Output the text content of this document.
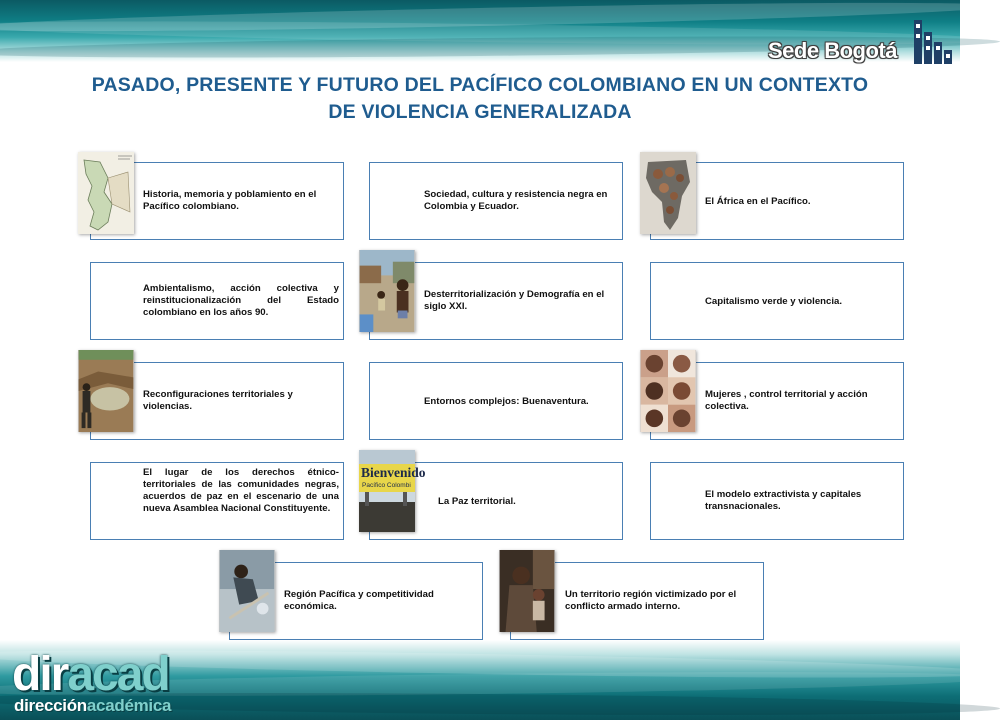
Sede Bogotá
PASADO, PRESENTE Y FUTURO DEL PACÍFICO COLOMBIANO EN UN CONTEXTO
DE VIOLENCIA GENERALIZADA
Historia, memoria y poblamiento en el Pacífico colombiano.
Sociedad, cultura y resistencia negra en Colombia y Ecuador.	El África en el Pacífico.
Ambientalismo, acción colectiva y reinstitucionalización del Estado colombiano en los años 90.
Desterritorialización y Demografía en el siglo XXI.	Capitalismo verde y violencia.
Reconfiguraciones territoriales y violencias.	Entornos complejos: Buenaventura.
Mujeres , control territorial y acción colectiva.
El lugar de los derechos étnico-territoriales de las comunidades negras, acuerdos de paz en el escenario de una nueva Asamblea Nacional Constituyente.
La Paz territorial.
Bienvenido
Pacífico Colombi
El modelo extractivista y capitales transnacionales.
Región Pacífica y competitividad económica.
Un territorio región victimizado por el conflicto armado interno.
diracad
direcciónacadémica
